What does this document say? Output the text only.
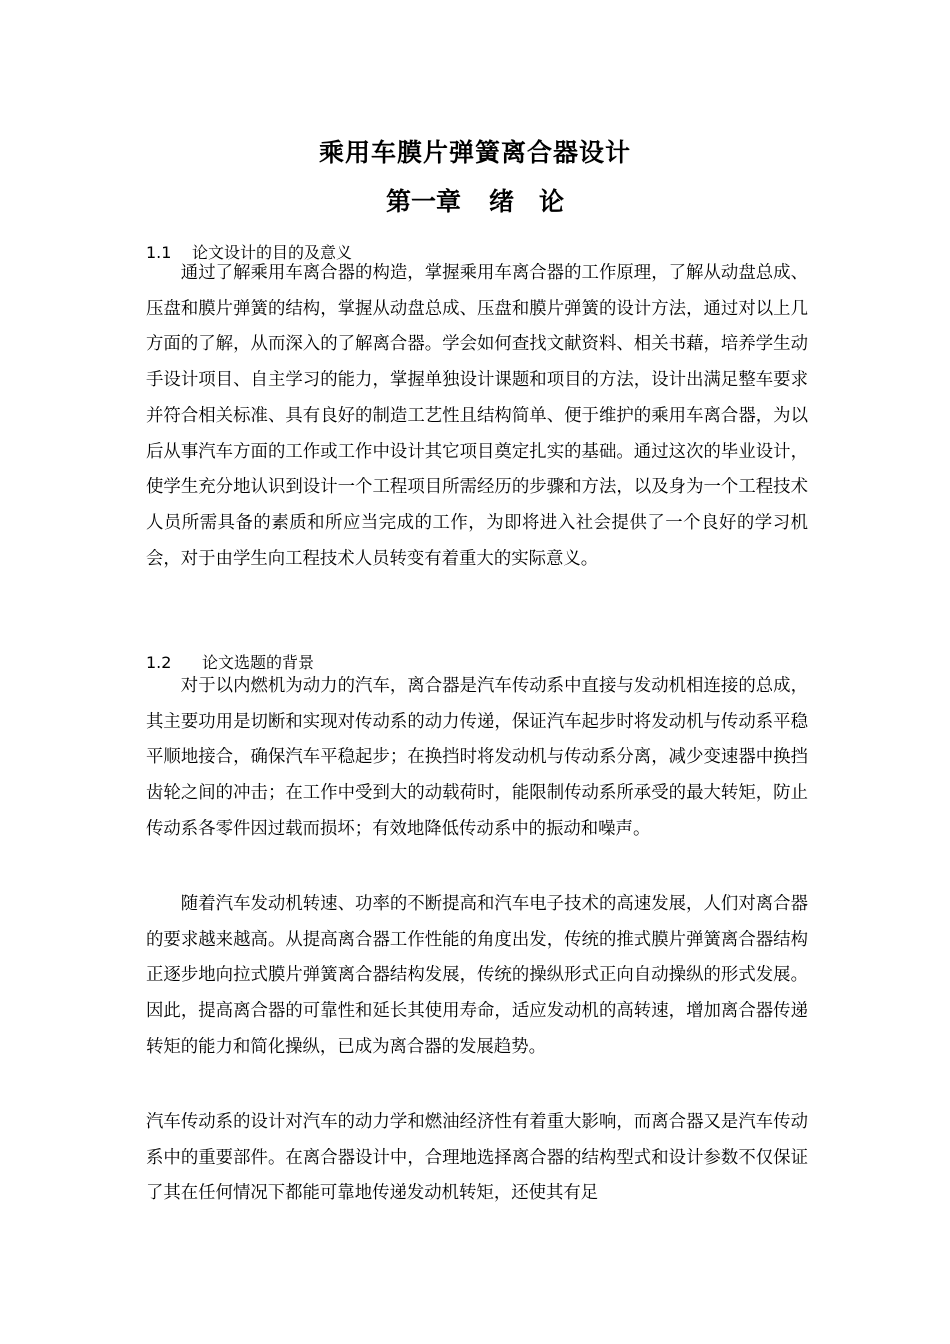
乘用车膜片弹簧离合器设计
第一章 绪　论
1.1 论文设计的目的及意义
1.2 论文选题的背景
通过了解乘用车离合器的构造，掌握乘用车离合器的工作原理，了解从动盘总成、压盘和膜片弹簧的结构，掌握从动盘总成、压盘和膜片弹簧的设计方法，通过对以上几方面的了解，从而深入的了解离合器。学会如何查找文献资料、相关书藉，培养学生动手设计项目、自主学习的能力，掌握单独设计课题和项目的方法，设计出满足整车要求并符合相关标准、具有良好的制造工艺性且结构简单、便于维护的乘用车离合器，为以后从事汽车方面的工作或工作中设计其它项目奠定扎实的基础。通过这次的毕业设计，使学生充分地认识到设计一个工程项目所需经历的步骤和方法，以及身为一个工程技术人员所需具备的素质和所应当完成的工作，为即将进入社会提供了一个良好的学习机会，对于由学生向工程技术人员转变有着重大的实际意义。
对于以内燃机为动力的汽车，离合器是汽车传动系中直接与发动机相连接的总成，其主要功用是切断和实现对传动系的动力传递，保证汽车起步时将发动机与传动系平稳平顺地接合，确保汽车平稳起步；在换挡时将发动机与传动系分离，减少变速器中换挡齿轮之间的冲击；在工作中受到大的动载荷时，能限制传动系所承受的最大转矩，防止传动系各零件因过载而损坏；有效地降低传动系中的振动和噪声。
随着汽车发动机转速、功率的不断提高和汽车电子技术的高速发展，人们对离合器的要求越来越高。从提高离合器工作性能的角度出发，传统的推式膜片弹簧离合器结构正逐步地向拉式膜片弹簧离合器结构发展，传统的操纵形式正向自动操纵的形式发展。因此，提高离合器的可靠性和延长其使用寿命，适应发动机的高转速，增加离合器传递转矩的能力和简化操纵，已成为离合器的发展趋势。
汽车传动系的设计对汽车的动力学和燃油经济性有着重大影响，而离合器又是汽车传动系中的重要部件。在离合器设计中，合理地选择离合器的结构型式和设计参数不仅保证了其在任何情况下都能可靠地传递发动机转矩，还使其有足
